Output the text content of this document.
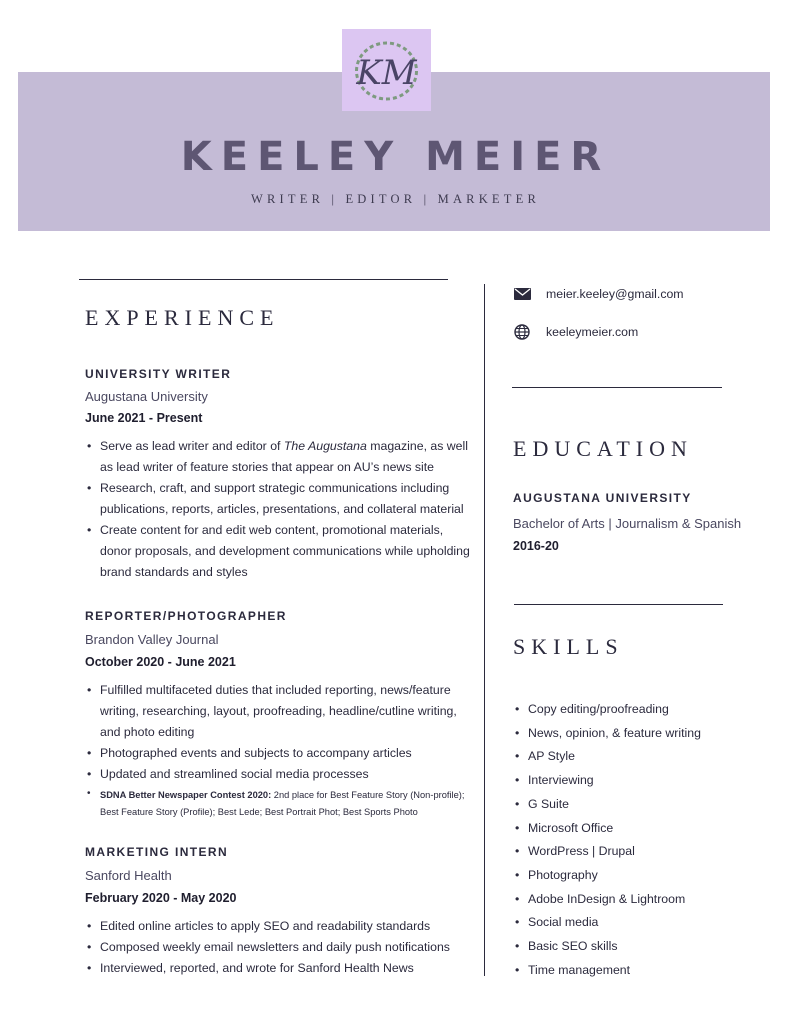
KM
KEELEY MEIER

WRITER | EDITOR | MARKETER

EXPERIENCE

UNIVERSITY WRITER

Augustana University

June 2021 - Present

• Serve as lead writer and editor of The Augustana magazine, as well as lead writer of feature stories that appear on AU’s news site
• Research, craft, and support strategic communications including publications, reports, articles, presentations, and collateral material
• Create content for and edit web content, promotional materials, donor proposals, and development communications while upholding brand standards and styles

REPORTER/PHOTOGRAPHER

Brandon Valley Journal

October 2020 - June 2021

• Fulfilled multifaceted duties that included reporting, news/feature writing, researching, layout, proofreading, headline/cutline writing, and photo editing
• Photographed events and subjects to accompany articles
• Updated and streamlined social media processes
• SDNA Better Newspaper Contest 2020: 2nd place for Best Feature Story (Non-profile); Best Feature Story (Profile); Best Lede; Best Portrait Phot; Best Sports Photo

MARKETING INTERN

Sanford Health

February 2020 - May 2020

• Edited online articles to apply SEO and readability standards
• Composed weekly email newsletters and daily push notifications
• Interviewed, reported, and wrote for Sanford Health News
meier.keeley@gmail.com
keeleymeier.com
EDUCATION

AUGUSTANA UNIVERSITY

Bachelor of Arts | Journalism & Spanish

2016-20

SKILLS
• Copy editing/proofreading
• News, opinion, & feature writing
• AP Style
• Interviewing
• G Suite
• Microsoft Office
• WordPress | Drupal
• Photography
• Adobe InDesign & Lightroom
• Social media
• Basic SEO skills
• Time management
